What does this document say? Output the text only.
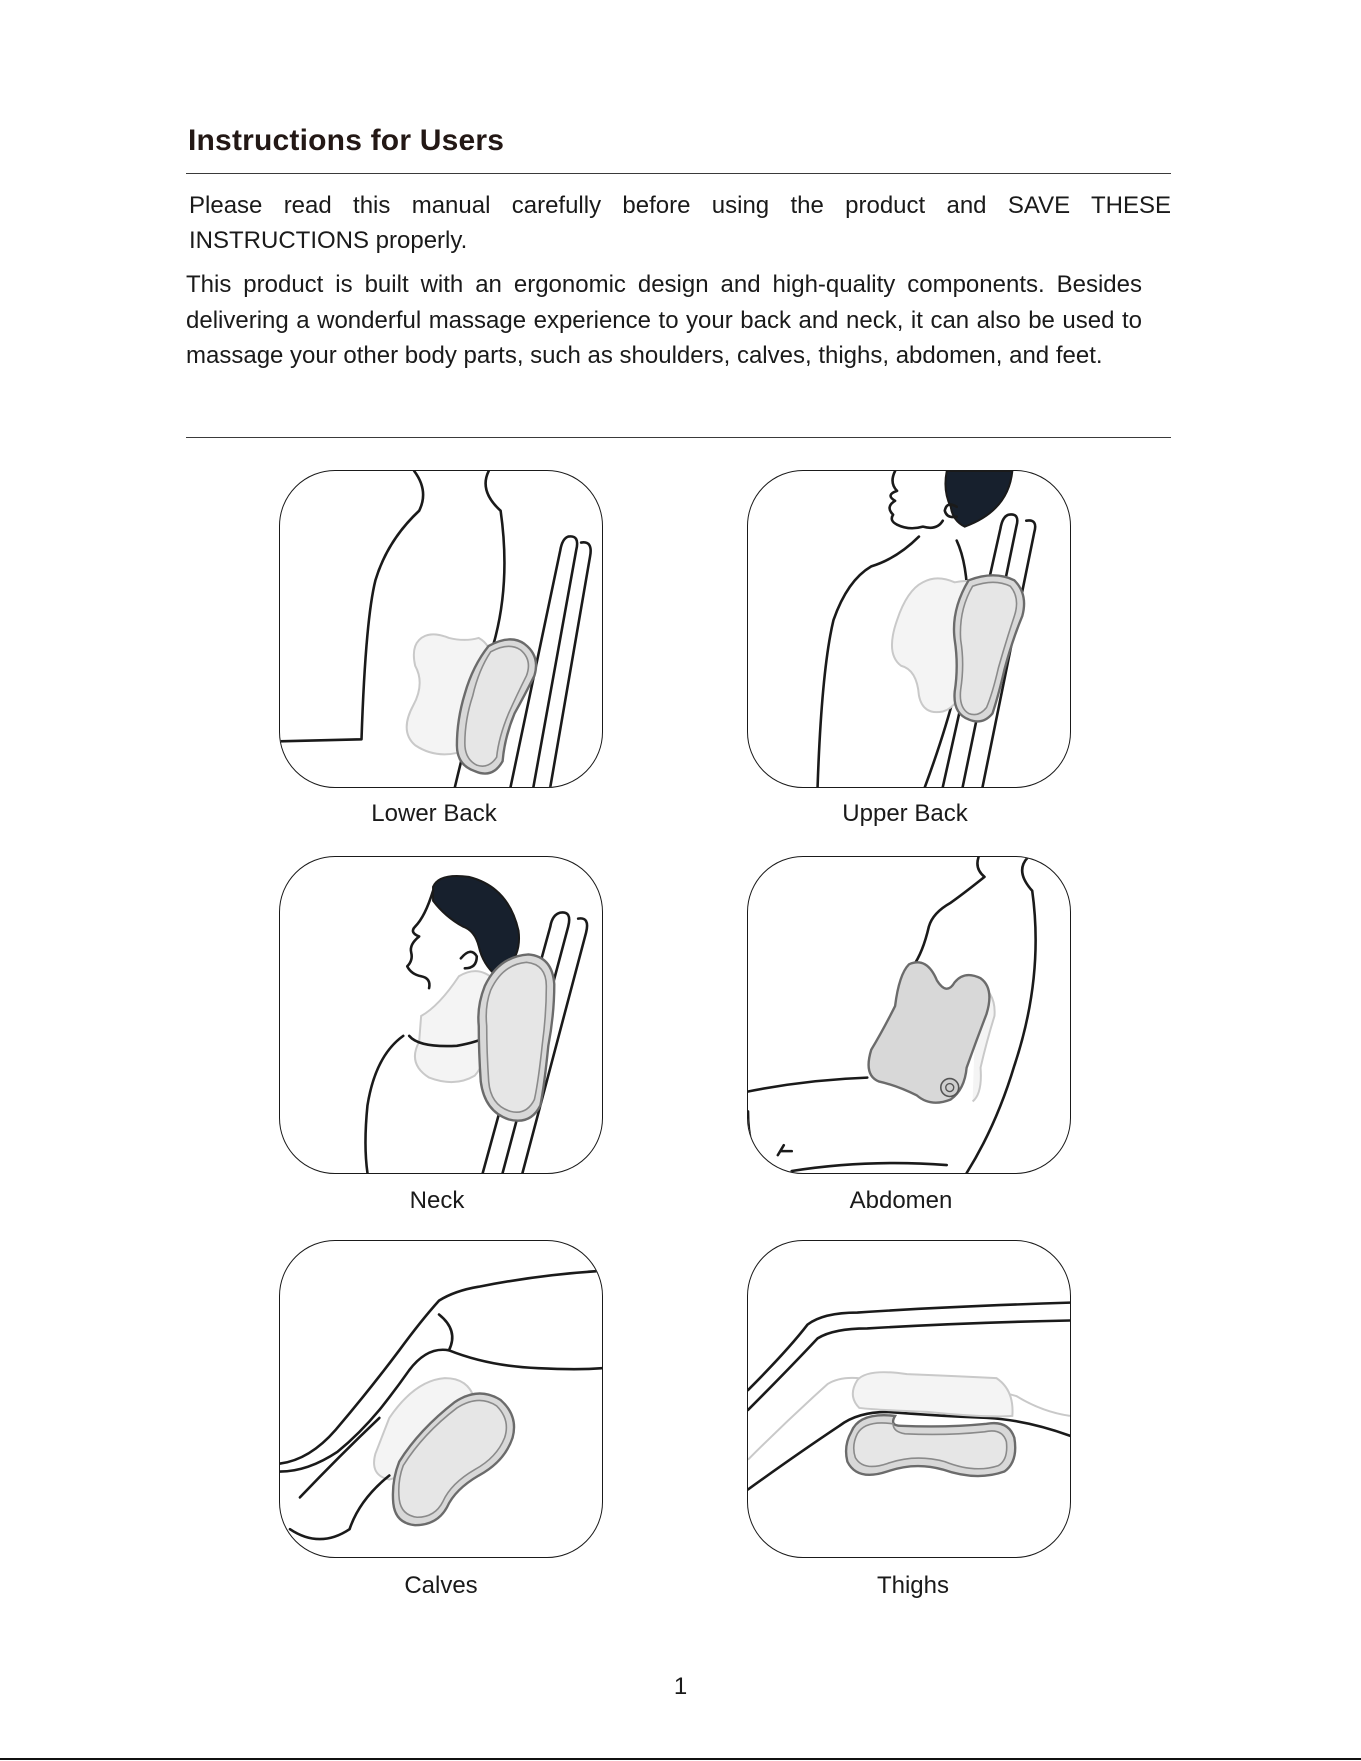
Instructions for Users

Please read this manual carefully before using the product and SAVE THESE INSTRUCTIONS properly.

This product is built with an ergonomic design and high-quality components. Besides delivering a wonderful massage experience to your back and neck, it can also be used to massage your other body parts, such as shoulders, calves, thighs, abdomen, and feet.

Lower Back	Upper Back
Neck	Abdomen
Calves	Thighs
1
